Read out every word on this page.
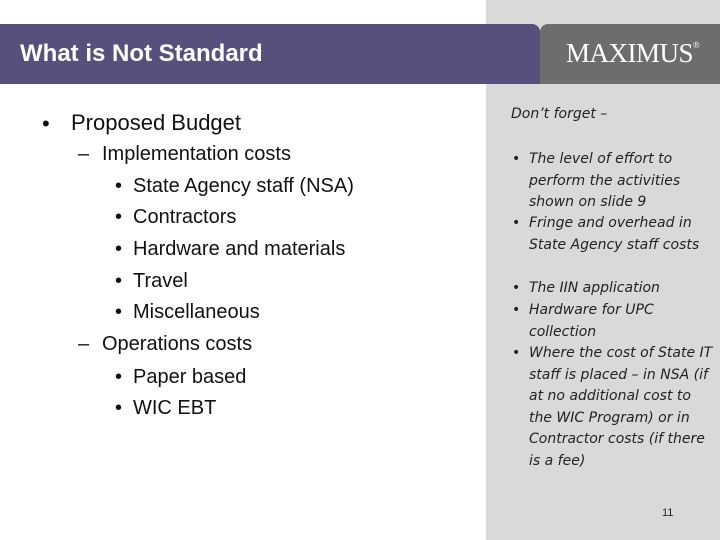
What is Not Standard	MAXIMUS®
• Proposed Budget
– Implementation costs
• State Agency staff (NSA)
• Contractors
• Hardware and materials
• Travel
• Miscellaneous
– Operations costs
• Paper based
• WIC EBT
Don’t forget –
• The level of effort to perform the activities shown on slide 9
• Fringe and overhead in State Agency staff costs
• The IIN application
• Hardware for UPC collection
• Where the cost of State IT staff is placed – in NSA (if at no additional cost to the WIC Program) or in Contractor costs (if there is a fee)
11
